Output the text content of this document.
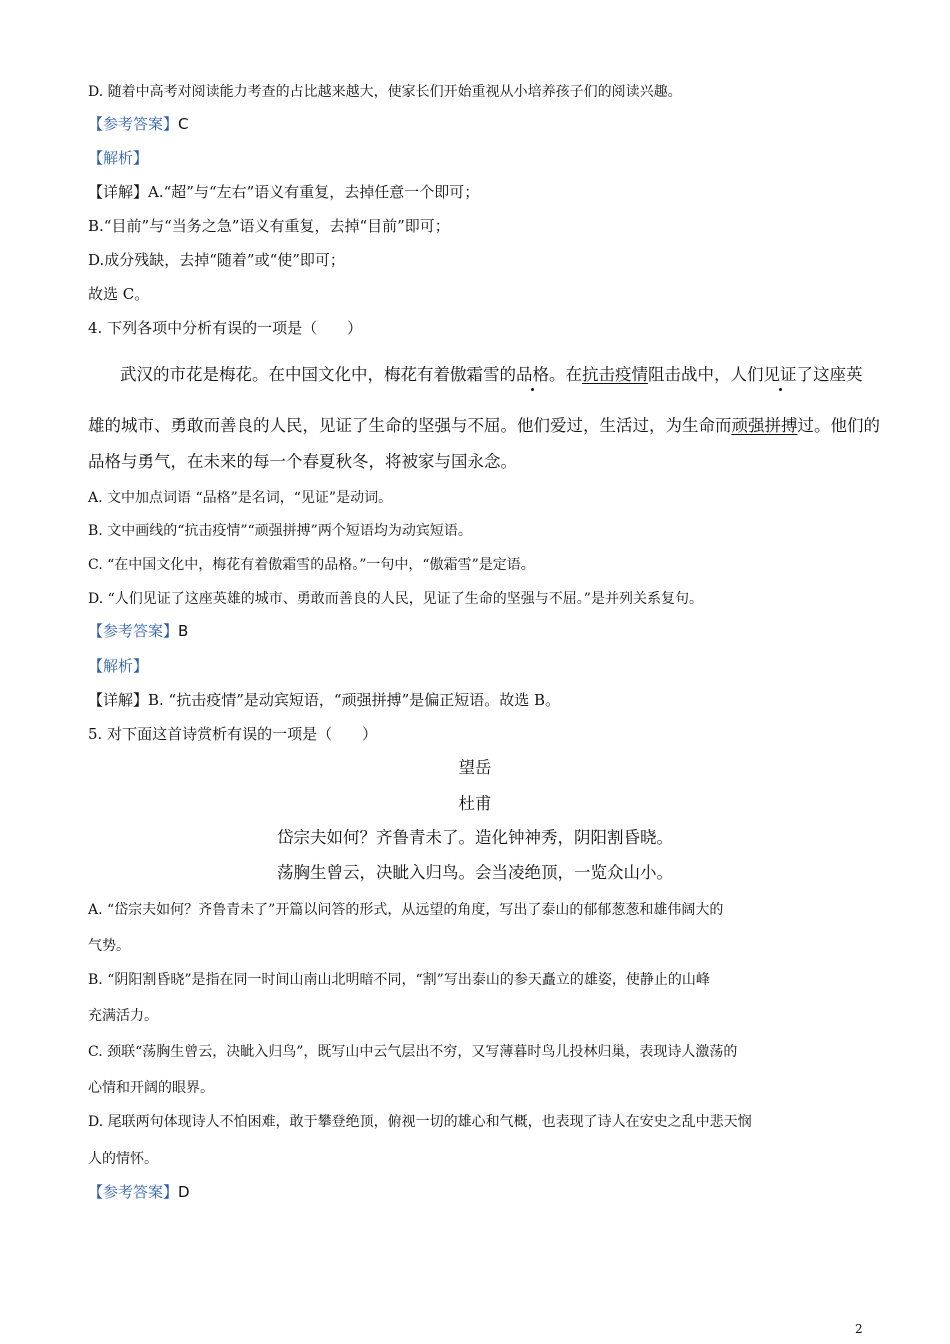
D. 随着中高考对阅读能力考查的占比越来越大，使家长们开始重视从小培养孩子们的阅读兴趣。
【参考答案】C
【解析】
【详解】A.“超”与“左右”语义有重复，去掉任意一个即可；
B.“目前”与“当务之急”语义有重复，去掉“目前”即可；
D.成分残缺，去掉“随着”或“使”即可；
故选 C。
4. 下列各项中分析有误的一项是（　　）
武汉的市花是梅花。在中国文化中，梅花有着傲霜雪的品格。在抗击疫情阻击战中，人们见证了这座英
雄的城市、勇敢而善良的人民，见证了生命的坚强与不屈。他们爱过，生活过，为生命而顽强拼搏过。他们的
品格与勇气，在未来的每一个春夏秋冬，将被家与国永念。
A. 文中加点词语 “品格”是名词，“见证”是动词。
B. 文中画线的“抗击疫情”“顽强拼搏”两个短语均为动宾短语。
C. “在中国文化中，梅花有着傲霜雪的品格。”一句中，“傲霜雪”是定语。
D. “人们见证了这座英雄的城市、勇敢而善良的人民，见证了生命的坚强与不屈。”是并列关系复句。
【参考答案】B
【解析】
【详解】B. “抗击疫情”是动宾短语，“顽强拼搏”是偏正短语。故选 B。
5. 对下面这首诗赏析有误的一项是（　　）
望岳
杜甫
岱宗夫如何？齐鲁青未了。造化钟神秀，阴阳割昏晓。
荡胸生曾云，决眦入归鸟。会当凌绝顶，一览众山小。
A. “岱宗夫如何？齐鲁青未了”开篇以问答的形式，从远望的角度，写出了泰山的郁郁葱葱和雄伟阔大的
气势。
B. “阴阳割昏晓”是指在同一时间山南山北明暗不同，“割”写出泰山的参天矗立的雄姿，使静止的山峰
充满活力。
C. 颈联“荡胸生曾云，决眦入归鸟”，既写山中云气层出不穷，又写薄暮时鸟儿投林归巢，表现诗人激荡的
心情和开阔的眼界。
D. 尾联两句体现诗人不怕困难，敢于攀登绝顶，俯视一切的雄心和气概，也表现了诗人在安史之乱中悲天悯
人的情怀。
【参考答案】D
2
